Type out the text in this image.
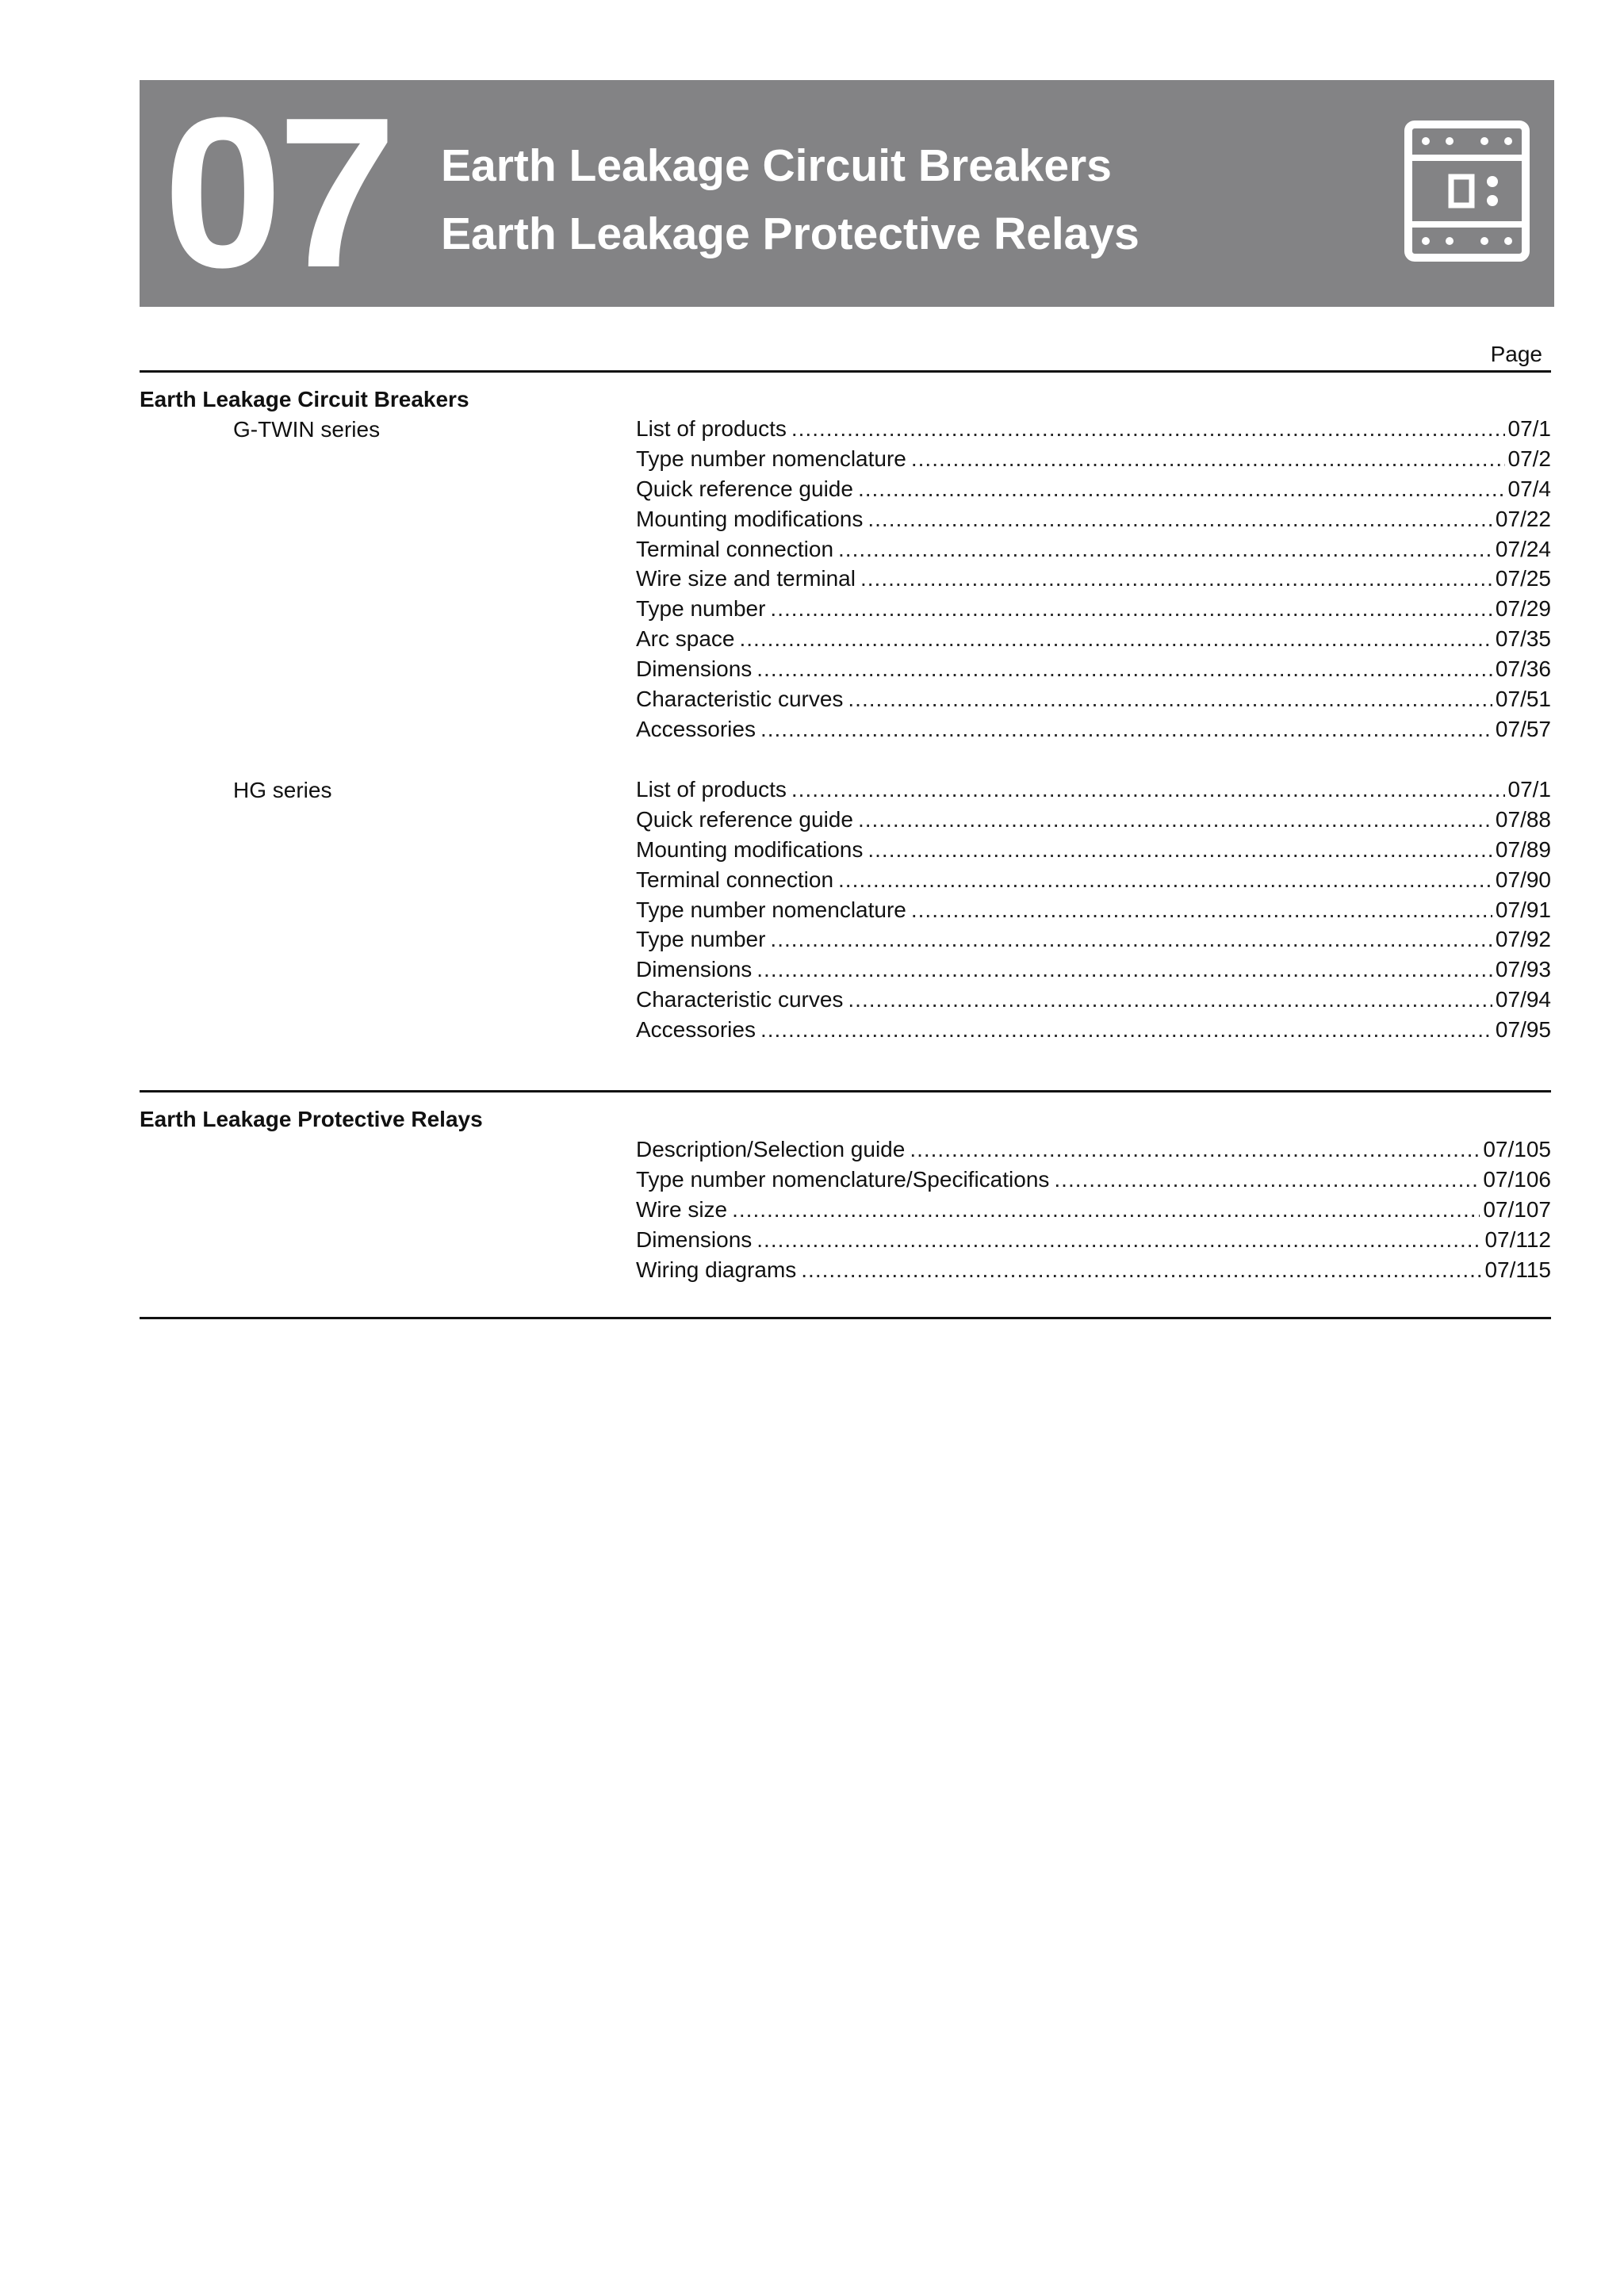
07 Earth Leakage Circuit Breakers
Earth Leakage Protective Relays
Page
Earth Leakage Circuit Breakers
G-TWIN series	List of products .....	07/1
Type number nomenclature .....	07/2
Quick reference guide .....	07/4
Mounting modifications .....	07/22
Terminal connection .....	07/24
Wire size and terminal .....	07/25
Type number .....	07/29
Arc space .....	07/35
Dimensions .....	07/36
Characteristic curves .....	07/51
Accessories .....	07/57
HG series	List of products .....	07/1
Quick reference guide .....	07/88
Mounting modifications .....	07/89
Terminal connection .....	07/90
Type number nomenclature .....	07/91
Type number .....	07/92
Dimensions .....	07/93
Characteristic curves .....	07/94
Accessories .....	07/95
Earth Leakage Protective Relays
Description/Selection guide .....	07/105
Type number nomenclature/Specifications .....	07/106
Wire size .....	07/107
Dimensions .....	07/112
Wiring diagrams .....	07/115
